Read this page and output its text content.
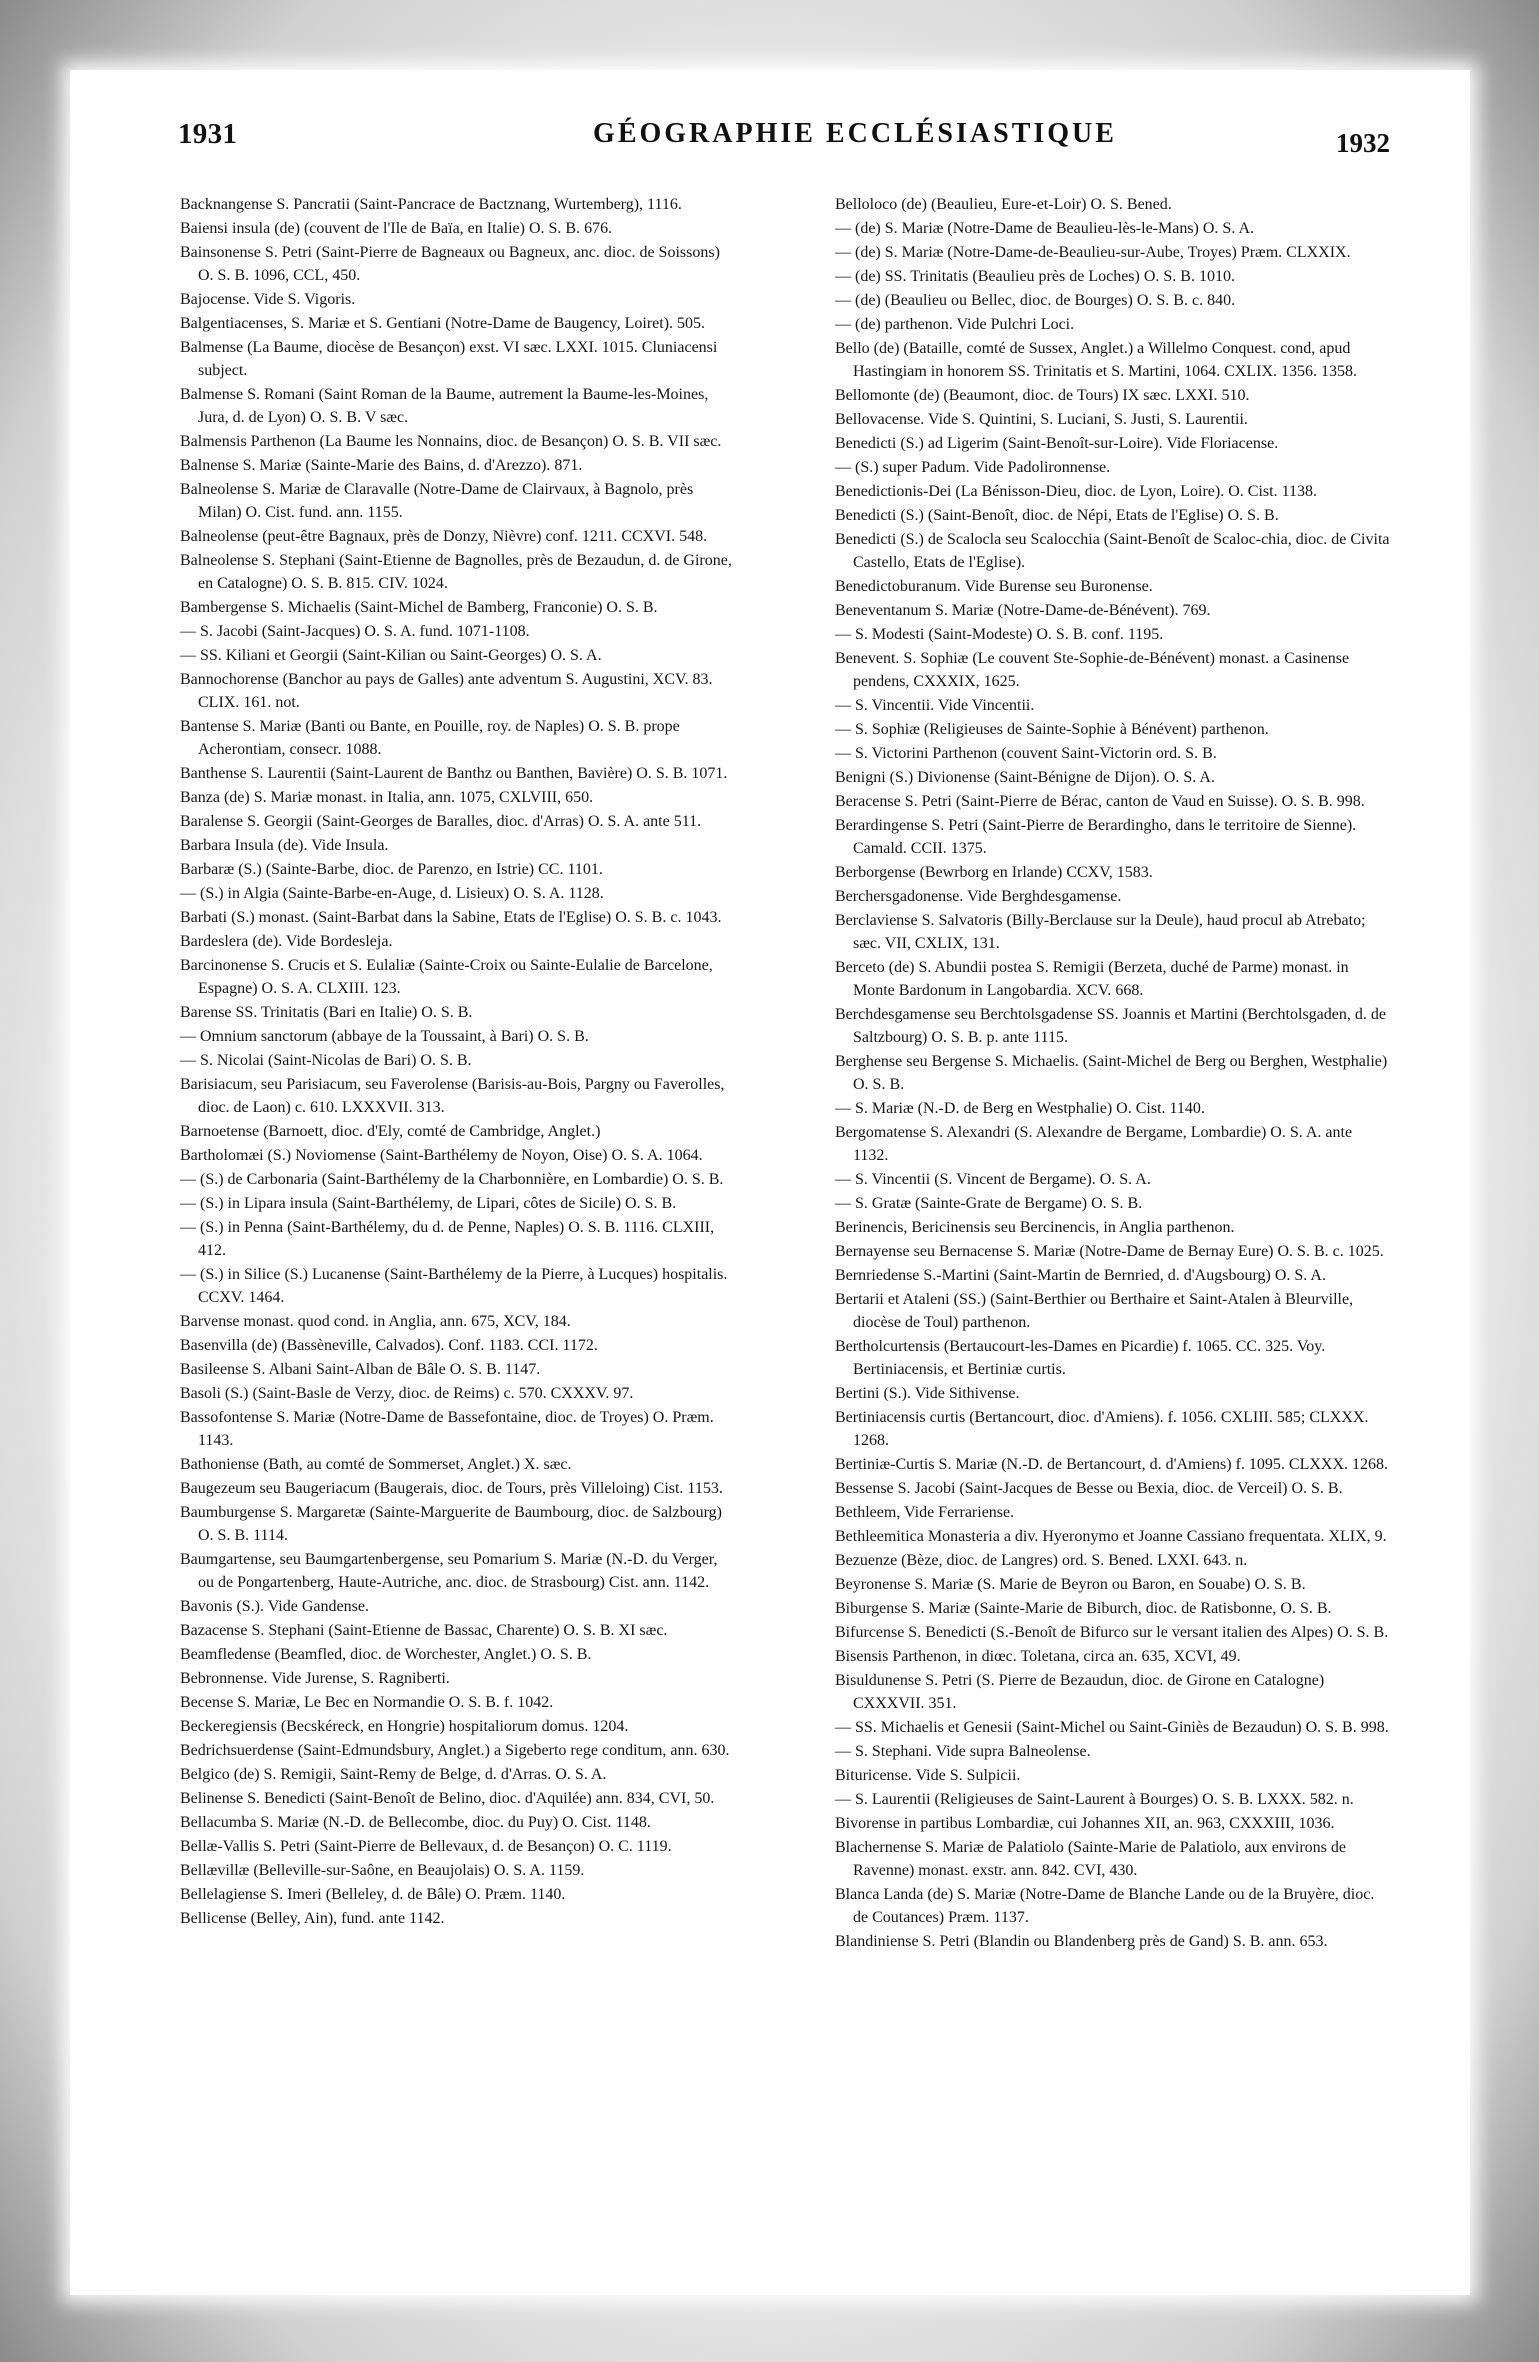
1931	GÉOGRAPHIE ECCLÉSIASTIQUE	1932

Backnangense S. Pancratii (Saint-Pancrace de Bactznang, Wurtemberg), 1116.

Baiensi insula (de) (couvent de l'Ile de Baïa, en Italie) O. S. B. 676.

Bainsonense S. Petri (Saint-Pierre de Bagneaux ou Bagneux, anc. dioc. de Soissons) O. S. B. 1096, CCL, 450.

Bajocense. Vide S. Vigoris.

Balgentiacenses, S. Mariæ et S. Gentiani (Notre-Dame de Baugency, Loiret). 505.

Balmense (La Baume, diocèse de Besançon) exst. VI sæc. LXXI. 1015. Cluniacensi subject.

Balmense S. Romani (Saint Roman de la Baume, autrement la Baume-les-Moines, Jura, d. de Lyon) O. S. B. V sæc.

Balmensis Parthenon (La Baume les Nonnains, dioc. de Besançon) O. S. B. VII sæc.

Balnense S. Mariæ (Sainte-Marie des Bains, d. d'Arezzo). 871.

Balneolense S. Mariæ de Claravalle (Notre-Dame de Clairvaux, à Bagnolo, près Milan) O. Cist. fund. ann. 1155.

Balneolense (peut-être Bagnaux, près de Donzy, Nièvre) conf. 1211. CCXVI. 548.

Balneolense S. Stephani (Saint-Etienne de Bagnolles, près de Bezaudun, d. de Girone, en Catalogne) O. S. B. 815. CIV. 1024.

Bambergense S. Michaelis (Saint-Michel de Bamberg, Franconie) O. S. B.

— S. Jacobi (Saint-Jacques) O. S. A. fund. 1071-1108.

— SS. Kiliani et Georgii (Saint-Kilian ou Saint-Georges) O. S. A.

Bannochorense (Banchor au pays de Galles) ante adventum S. Augustini, XCV. 83. CLIX. 161. not.

Bantense S. Mariæ (Banti ou Bante, en Pouille, roy. de Naples) O. S. B. prope Acherontiam, consecr. 1088.

Banthense S. Laurentii (Saint-Laurent de Banthz ou Banthen, Bavière) O. S. B. 1071.

Banza (de) S. Mariæ monast. in Italia, ann. 1075, CXLVIII, 650.

Baralense S. Georgii (Saint-Georges de Baralles, dioc. d'Arras) O. S. A. ante 511.

Barbara Insula (de). Vide Insula.

Barbaræ (S.) (Sainte-Barbe, dioc. de Parenzo, en Istrie) CC. 1101.

— (S.) in Algia (Sainte-Barbe-en-Auge, d. Lisieux) O. S. A. 1128.

Barbati (S.) monast. (Saint-Barbat dans la Sabine, Etats de l'Eglise) O. S. B. c. 1043.

Bardeslera (de). Vide Bordesleja.

Barcinonense S. Crucis et S. Eulaliæ (Sainte-Croix ou Sainte-Eulalie de Barcelone, Espagne) O. S. A. CLXIII. 123.

Barense SS. Trinitatis (Bari en Italie) O. S. B.

— Omnium sanctorum (abbaye de la Toussaint, à Bari) O. S. B.

— S. Nicolai (Saint-Nicolas de Bari) O. S. B.

Barisiacum, seu Parisiacum, seu Faverolense (Barisis-au-Bois, Pargny ou Faverolles, dioc. de Laon) c. 610. LXXXVII. 313.

Barnoetense (Barnoett, dioc. d'Ely, comté de Cambridge, Anglet.)

Bartholomæi (S.) Noviomense (Saint-Barthélemy de Noyon, Oise) O. S. A. 1064.

— (S.) de Carbonaria (Saint-Barthélemy de la Charbonnière, en Lombardie) O. S. B.

— (S.) in Lipara insula (Saint-Barthélemy, de Lipari, côtes de Sicile) O. S. B.

— (S.) in Penna (Saint-Barthélemy, du d. de Penne, Naples) O. S. B. 1116. CLXIII, 412.

— (S.) in Silice (S.) Lucanense (Saint-Barthélemy de la Pierre, à Lucques) hospitalis. CCXV. 1464.

Barvense monast. quod cond. in Anglia, ann. 675, XCV, 184.

Basenvilla (de) (Bassèneville, Calvados). Conf. 1183. CCI. 1172.

Basileense S. Albani Saint-Alban de Bâle O. S. B. 1147.

Basoli (S.) (Saint-Basle de Verzy, dioc. de Reims) c. 570. CXXXV. 97.

Bassofontense S. Mariæ (Notre-Dame de Bassefontaine, dioc. de Troyes) O. Præm. 1143.

Bathoniense (Bath, au comté de Sommerset, Anglet.) X. sæc.

Baugezeum seu Baugeriacum (Baugerais, dioc. de Tours, près Villeloing) Cist. 1153.

Baumburgense S. Margaretæ (Sainte-Marguerite de Baumbourg, dioc. de Salzbourg) O. S. B. 1114.

Baumgartense, seu Baumgartenbergense, seu Pomarium S. Mariæ (N.-D. du Verger, ou de Pongartenberg, Haute-Autriche, anc. dioc. de Strasbourg) Cist. ann. 1142.

Bavonis (S.). Vide Gandense.

Bazacense S. Stephani (Saint-Etienne de Bassac, Charente) O. S. B. XI sæc.

Beamfledense (Beamfled, dioc. de Worchester, Anglet.) O. S. B.

Bebronnense. Vide Jurense, S. Ragniberti.

Becense S. Mariæ, Le Bec en Normandie O. S. B. f. 1042.

Beckeregiensis (Becskéreck, en Hongrie) hospitaliorum domus. 1204.

Bedrichsuerdense (Saint-Edmundsbury, Anglet.) a Sigeberto rege conditum, ann. 630.

Belgico (de) S. Remigii, Saint-Remy de Belge, d. d'Arras. O. S. A.

Belinense S. Benedicti (Saint-Benoît de Belino, dioc. d'Aquilée) ann. 834, CVI, 50.

Bellacumba S. Mariæ (N.-D. de Bellecombe, dioc. du Puy) O. Cist. 1148.

Bellæ-Vallis S. Petri (Saint-Pierre de Bellevaux, d. de Besançon) O. C. 1119.

Bellævillæ (Belleville-sur-Saône, en Beaujolais) O. S. A. 1159.

Bellelagiense S. Imeri (Belleley, d. de Bâle) O. Præm. 1140.

Bellicense (Belley, Ain), fund. ante 1142.

Belloloco (de) (Beaulieu, Eure-et-Loir) O. S. Bened.

— (de) S. Mariæ (Notre-Dame de Beaulieu-lès-le-Mans) O. S. A.

— (de) S. Mariæ (Notre-Dame-de-Beaulieu-sur-Aube, Troyes) Præm. CLXXIX.

— (de) SS. Trinitatis (Beaulieu près de Loches) O. S. B. 1010.

— (de) (Beaulieu ou Bellec, dioc. de Bourges) O. S. B. c. 840.

— (de) parthenon. Vide Pulchri Loci.

Bello (de) (Bataille, comté de Sussex, Anglet.) a Willelmo Conquest. cond, apud Hastingiam in honorem SS. Trinitatis et S. Martini, 1064. CXLIX. 1356. 1358.

Bellomonte (de) (Beaumont, dioc. de Tours) IX sæc. LXXI. 510.

Bellovacense. Vide S. Quintini, S. Luciani, S. Justi, S. Laurentii.

Benedicti (S.) ad Ligerim (Saint-Benoît-sur-Loire). Vide Floriacense.

— (S.) super Padum. Vide Padolironnense.

Benedictionis-Dei (La Bénisson-Dieu, dioc. de Lyon, Loire). O. Cist. 1138.

Benedicti (S.) (Saint-Benoît, dioc. de Népi, Etats de l'Eglise) O. S. B.

Benedicti (S.) de Scalocla seu Scalocchia (Saint-Benoît de Scaloc-chia, dioc. de Civita Castello, Etats de l'Eglise).

Benedictoburanum. Vide Burense seu Buronense.

Beneventanum S. Mariæ (Notre-Dame-de-Bénévent). 769.

— S. Modesti (Saint-Modeste) O. S. B. conf. 1195.

Benevent. S. Sophiæ (Le couvent Ste-Sophie-de-Bénévent) monast. a Casinense pendens, CXXXIX, 1625.

— S. Vincentii. Vide Vincentii.

— S. Sophiæ (Religieuses de Sainte-Sophie à Bénévent) parthenon.

— S. Victorini Parthenon (couvent Saint-Victorin ord. S. B.

Benigni (S.) Divionense (Saint-Bénigne de Dijon). O. S. A.

Beracense S. Petri (Saint-Pierre de Bérac, canton de Vaud en Suisse). O. S. B. 998.

Berardingense S. Petri (Saint-Pierre de Berardingho, dans le territoire de Sienne). Camald. CCII. 1375.

Berborgense (Bewrborg en Irlande) CCXV, 1583.

Berchersgadonense. Vide Berghdesgamense.

Berclaviense S. Salvatoris (Billy-Berclause sur la Deule), haud procul ab Atrebato; sæc. VII, CXLIX, 131.

Berceto (de) S. Abundii postea S. Remigii (Berzeta, duché de Parme) monast. in Monte Bardonum in Langobardia. XCV. 668.

Berchdesgamense seu Berchtolsgadense SS. Joannis et Martini (Berchtolsgaden, d. de Saltzbourg) O. S. B. p. ante 1115.

Berghense seu Bergense S. Michaelis. (Saint-Michel de Berg ou Berghen, Westphalie) O. S. B.

— S. Mariæ (N.-D. de Berg en Westphalie) O. Cist. 1140.

Bergomatense S. Alexandri (S. Alexandre de Bergame, Lombardie) O. S. A. ante 1132.

— S. Vincentii (S. Vincent de Bergame). O. S. A.

— S. Gratæ (Sainte-Grate de Bergame) O. S. B.

Berinencis, Bericinensis seu Bercinencis, in Anglia parthenon.

Bernayense seu Bernacense S. Mariæ (Notre-Dame de Bernay Eure) O. S. B. c. 1025.

Bernriedense S.-Martini (Saint-Martin de Bernried, d. d'Augsbourg) O. S. A.

Bertarii et Ataleni (SS.) (Saint-Berthier ou Berthaire et Saint-Atalen à Bleurville, diocèse de Toul) parthenon.

Bertholcurtensis (Bertaucourt-les-Dames en Picardie) f. 1065. CC. 325. Voy. Bertiniacensis, et Bertiniæ curtis.

Bertini (S.). Vide Sithivense.

Bertiniacensis curtis (Bertancourt, dioc. d'Amiens). f. 1056. CXLIII. 585; CLXXX. 1268.

Bertiniæ-Curtis S. Mariæ (N.-D. de Bertancourt, d. d'Amiens) f. 1095. CLXXX. 1268.

Bessense S. Jacobi (Saint-Jacques de Besse ou Bexia, dioc. de Verceil) O. S. B.

Bethleem, Vide Ferrariense.

Bethleemitica Monasteria a div. Hyeronymo et Joanne Cassiano frequentata. XLIX, 9.

Bezuenze (Bèze, dioc. de Langres) ord. S. Bened. LXXI. 643. n.

Beyronense S. Mariæ (S. Marie de Beyron ou Baron, en Souabe) O. S. B.

Biburgense S. Mariæ (Sainte-Marie de Biburch, dioc. de Ratisbonne, O. S. B.

Bifurcense S. Benedicti (S.-Benoît de Bifurco sur le versant italien des Alpes) O. S. B.

Bisensis Parthenon, in diœc. Toletana, circa an. 635, XCVI, 49.

Bisuldunense S. Petri (S. Pierre de Bezaudun, dioc. de Girone en Catalogne) CXXXVII. 351.

— SS. Michaelis et Genesii (Saint-Michel ou Saint-Giniès de Bezaudun) O. S. B. 998.

— S. Stephani. Vide supra Balneolense.

Bituricense. Vide S. Sulpicii.

— S. Laurentii (Religieuses de Saint-Laurent à Bourges) O. S. B. LXXX. 582. n.

Bivorense in partibus Lombardiæ, cui Johannes XII, an. 963, CXXXIII, 1036.

Blachernense S. Mariæ de Palatiolo (Sainte-Marie de Palatiolo, aux environs de Ravenne) monast. exstr. ann. 842. CVI, 430.

Blanca Landa (de) S. Mariæ (Notre-Dame de Blanche Lande ou de la Bruyère, dioc. de Coutances) Præm. 1137.

Blandiniense S. Petri (Blandin ou Blandenberg près de Gand) S. B. ann. 653.
